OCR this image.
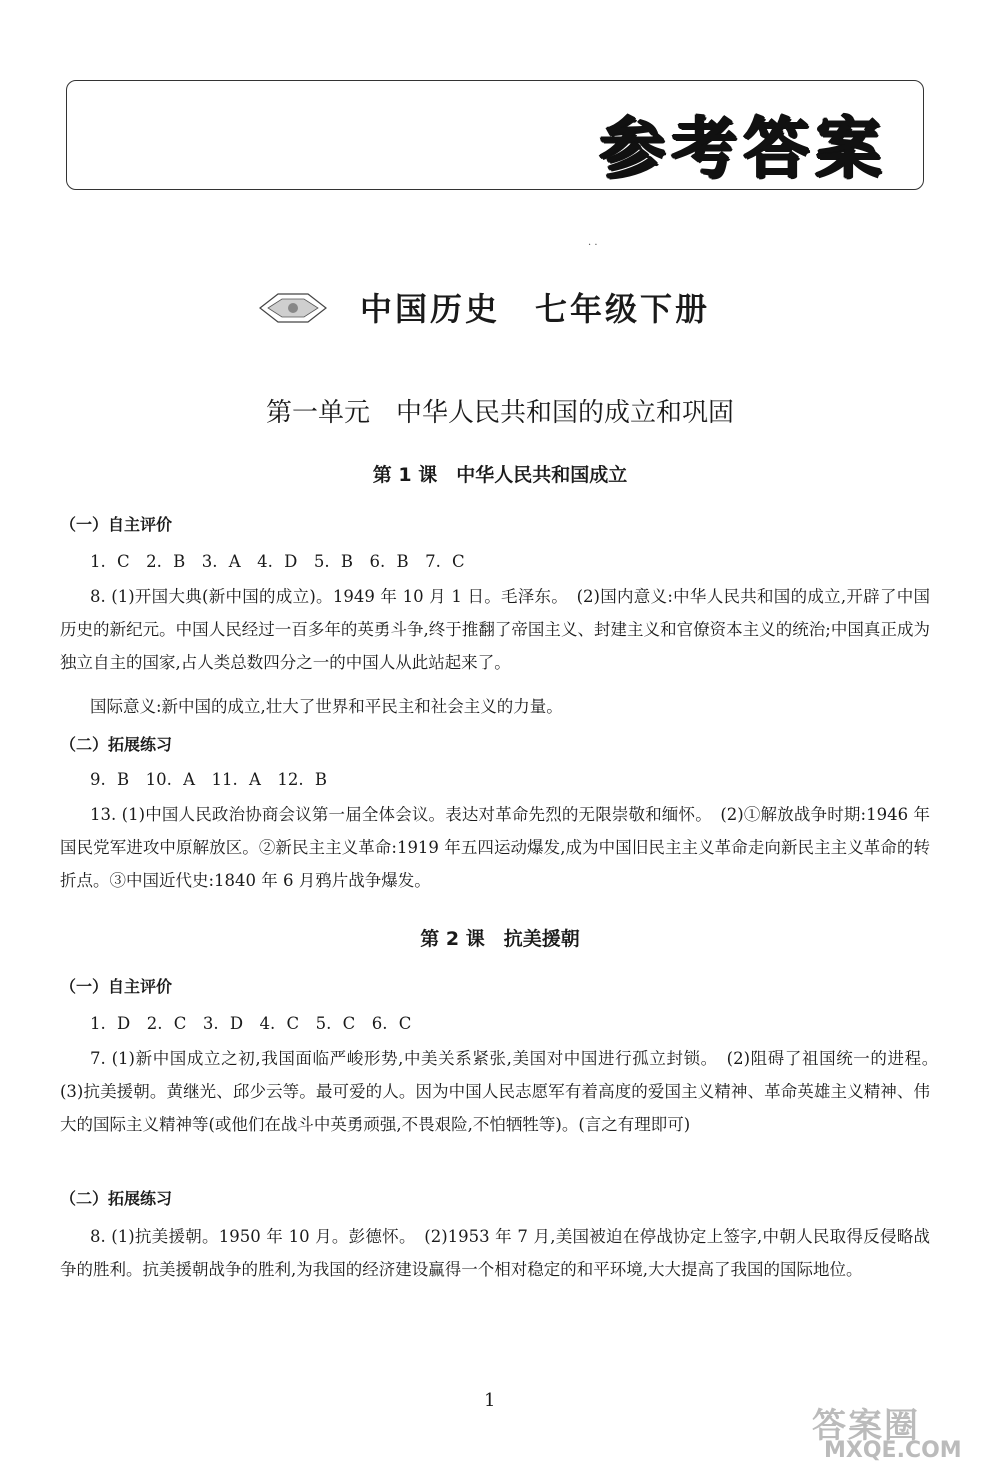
参考答案
· ·
中国历史　七年级下册
第一单元　中华人民共和国的成立和巩固
第 1 课　中华人民共和国成立
（一）自主评价
1. C　2. B　3. A　4. D　5. B　6. B　7. C
8. (1)开国大典(新中国的成立)。1949 年 10 月 1 日。毛泽东。　(2)国内意义:中华人民共和国的成立,开辟了中国历史的新纪元。中国人民经过一百多年的英勇斗争,终于推翻了帝国主义、封建主义和官僚资本主义的统治;中国真正成为独立自主的国家,占人类总数四分之一的中国人从此站起来了。
国际意义:新中国的成立,壮大了世界和平民主和社会主义的力量。
（二）拓展练习
9. B　10. A　11. A　12. B
13. (1)中国人民政治协商会议第一届全体会议。表达对革命先烈的无限崇敬和缅怀。　(2)①解放战争时期:1946 年国民党军进攻中原解放区。②新民主主义革命:1919 年五四运动爆发,成为中国旧民主主义革命走向新民主主义革命的转折点。③中国近代史:1840 年 6 月鸦片战争爆发。
第 2 课　抗美援朝
（一）自主评价
1. D　2. C　3. D　4. C　5. C　6. C
7. (1)新中国成立之初,我国面临严峻形势,中美关系紧张,美国对中国进行孤立封锁。　(2)阻碍了祖国统一的进程。　(3)抗美援朝。黄继光、邱少云等。最可爱的人。因为中国人民志愿军有着高度的爱国主义精神、革命英雄主义精神、伟大的国际主义精神等(或他们在战斗中英勇顽强,不畏艰险,不怕牺牲等)。(言之有理即可)
（二）拓展练习
8. (1)抗美援朝。1950 年 10 月。彭德怀。　(2)1953 年 7 月,美国被迫在停战协定上签字,中朝人民取得反侵略战争的胜利。抗美援朝战争的胜利,为我国的经济建设赢得一个相对稳定的和平环境,大大提高了我国的国际地位。
1
答案圈
MXQE.COM
